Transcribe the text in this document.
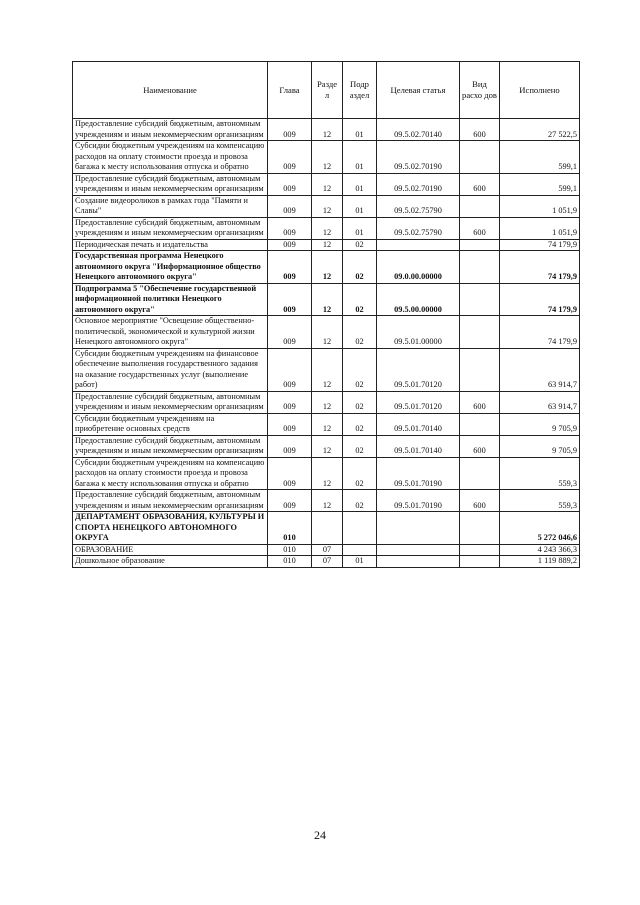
Наименование	Глава	Разде л	Подр аздел	Целевая статья	Вид расхо дов	Исполнено
Предоставление субсидий бюджетным, автономным учреждениям и иным некоммерческим организациям	009	12	01	09.5.02.70140	600	27 522,5
Субсидии бюджетным учреждениям на компенсацию расходов на оплату стоимости проезда и провоза багажа к месту использования отпуска и обратно	009	12	01	09.5.02.70190		599,1
Предоставление субсидий бюджетным, автономным учреждениям и иным некоммерческим организациям	009	12	01	09.5.02.70190	600	599,1
Создание видеороликов в рамках года "Памяти и Славы"	009	12	01	09.5.02.75790		1 051,9
Предоставление субсидий бюджетным, автономным учреждениям и иным некоммерческим организациям	009	12	01	09.5.02.75790	600	1 051,9
Периодическая печать и издательства	009	12	02			74 179,9
Государственная программа Ненецкого автономного округа "Информационное общество Ненецкого автономного округа"	009	12	02	09.0.00.00000		74 179,9
Подпрограмма 5 "Обеспечение государственной информационной политики Ненецкого автономного округа"	009	12	02	09.5.00.00000		74 179,9
Основное мероприятие "Освещение общественно-политической, экономической и культурной жизни Ненецкого автономного округа"	009	12	02	09.5.01.00000		74 179,9
Субсидии бюджетным учреждениям на финансовое обеспечение выполнения государственного задания на оказание государственных услуг (выполнение работ)	009	12	02	09.5.01.70120		63 914,7
Предоставление субсидий бюджетным, автономным учреждениям и иным некоммерческим организациям	009	12	02	09.5.01.70120	600	63 914,7
Субсидии бюджетным учреждениям на приобретение основных средств	009	12	02	09.5.01.70140		9 705,9
Предоставление субсидий бюджетным, автономным учреждениям и иным некоммерческим организациям	009	12	02	09.5.01.70140	600	9 705,9
Субсидии бюджетным учреждениям на компенсацию расходов на оплату стоимости проезда и провоза багажа к месту использования отпуска и обратно	009	12	02	09.5.01.70190		559,3
Предоставление субсидий бюджетным, автономным учреждениям и иным некоммерческим организациям	009	12	02	09.5.01.70190	600	559,3
ДЕПАРТАМЕНТ ОБРАЗОВАНИЯ, КУЛЬТУРЫ И СПОРТА НЕНЕЦКОГО АВТОНОМНОГО ОКРУГА	010					5 272 046,6
ОБРАЗОВАНИЕ	010	07				4 243 366,3
Дошкольное образование	010	07	01			1 119 889,2
24
